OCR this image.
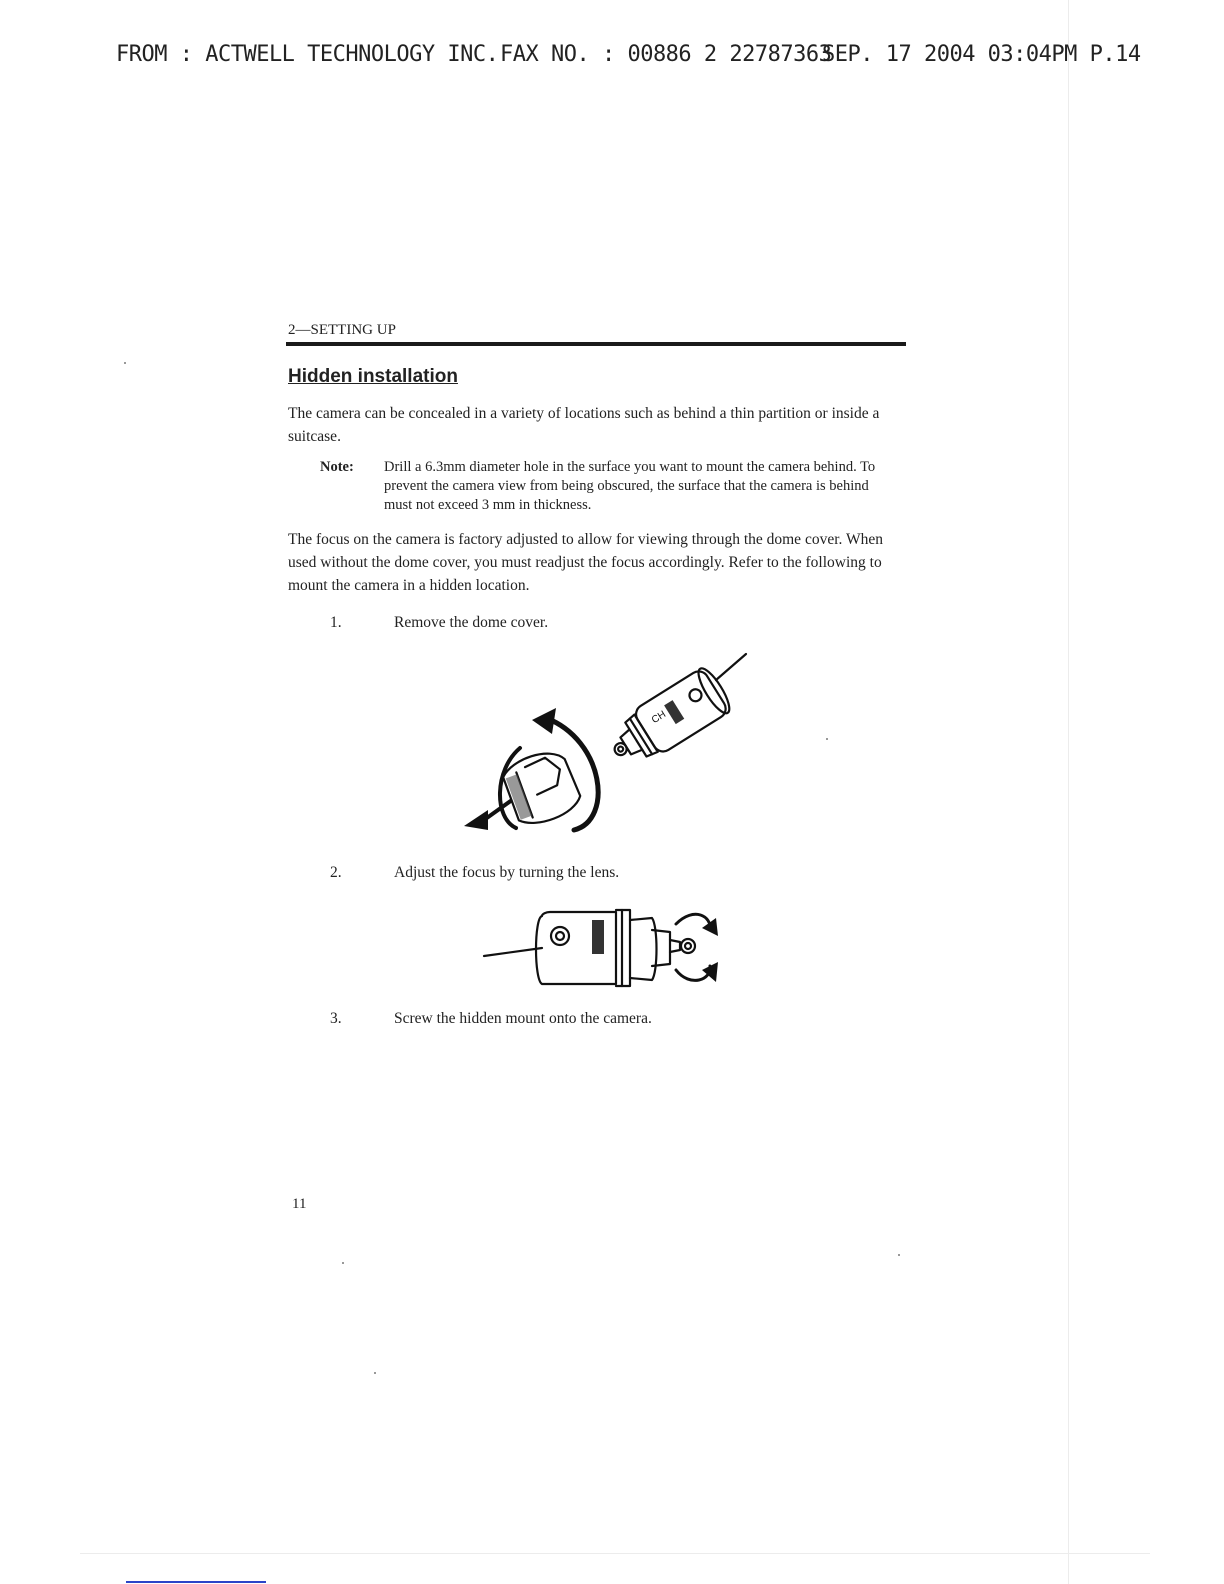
FROM : ACTWELL TECHNOLOGY INC. FAX NO. : 00886 2 22787363
SEP. 17 2004 03:04PM P.14
2—SETTING UP
Hidden installation
The camera can be concealed in a variety of locations such as behind a thin partition or inside a suitcase.
Note: Drill a 6.3mm diameter hole in the surface you want to mount the camera behind. To prevent the camera view from being obscured, the surface that the camera is behind must not exceed 3 mm in thickness.
The focus on the camera is factory adjusted to allow for viewing through the dome cover. When used without the dome cover, you must readjust the focus accordingly. Refer to the following to mount the camera in a hidden location.
1.	Remove the dome cover.
CH
2.	Adjust the focus by turning the lens.
3.	Screw the hidden mount onto the camera.
11
